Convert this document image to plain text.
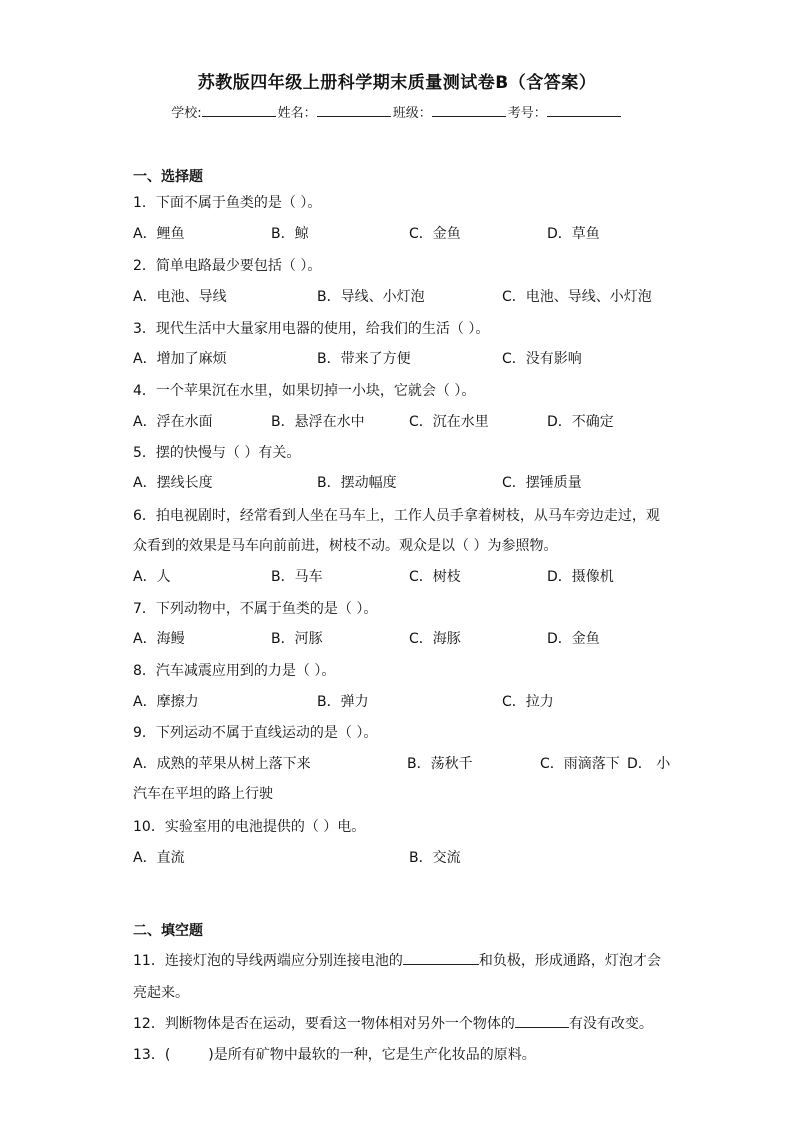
苏教版四年级上册科学期末质量测试卷B（含答案）
学校:	姓名：	班级：	考号：
一、选择题
1．下面不属于鱼类的是（ ）。
A．鲤鱼	B．鲸	C．金鱼	D．草鱼
2．简单电路最少要包括（ ）。
A．电池、导线	B．导线、小灯泡	C．电池、导线、小灯泡
3．现代生活中大量家用电器的使用，给我们的生活（ ）。
A．增加了麻烦	B．带来了方便	C．没有影响
4．一个苹果沉在水里，如果切掉一小块，它就会（ ）。
A．浮在水面	B．悬浮在水中	C．沉在水里	D．不确定
5．摆的快慢与（ ）有关。
A．摆线长度	B．摆动幅度	C．摆锤质量
6．拍电视剧时，经常看到人坐在马车上，工作人员手拿着树枝，从马车旁边走过，观
众看到的效果是马车向前前进，树枝不动。观众是以（ ）为参照物。
A．人	B．马车	C．树枝	D．摄像机
7．下列动物中，不属于鱼类的是（ ）。
A．海鳗	B．河豚	C．海豚	D．金鱼
8．汽车减震应用到的力是（ ）。
A．摩擦力	B．弹力	C．拉力
9．下列运动不属于直线运动的是（ ）。
A．成熟的苹果从树上落下来	B．荡秋千	C．雨滴落下 D． 小
汽车在平坦的路上行驶
10．实验室用的电池提供的（ ）电。
A．直流	B．交流
二、填空题
11．连接灯泡的导线两端应分别连接电池的	和负极，形成通路，灯泡才会
亮起来。
12．判断物体是否在运动，要看这一物体相对另外一个物体的	有没有改变。
13．(	)是所有矿物中最软的一种，它是生产化妆品的原料。
